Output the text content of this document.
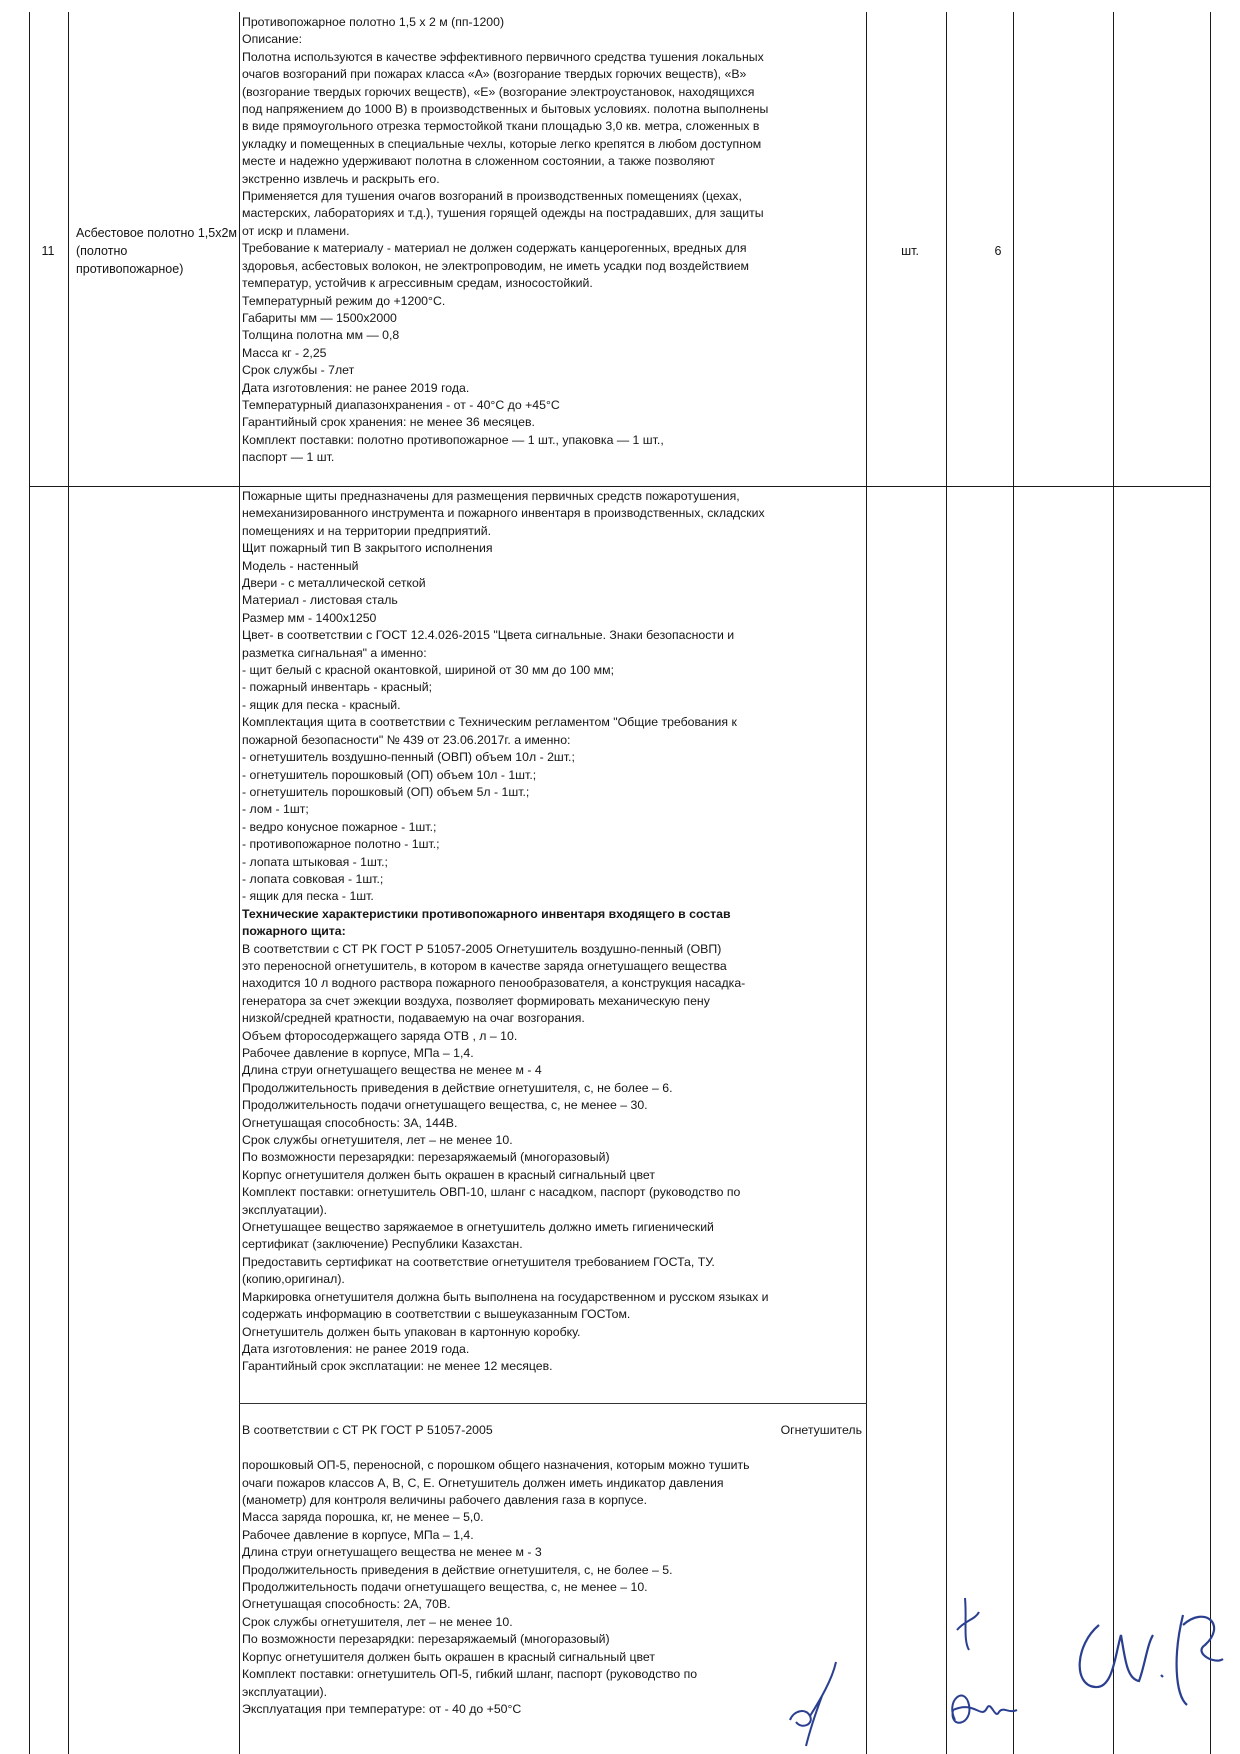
11
Асбестовое полотно 1,5х2м (полотно противопожарное)
шт.	6
Противопожарное полотно 1,5 х 2 м (пп-1200)
Описание:
Полотна используются в качестве эффективного первичного средства тушения локальных
очагов возгораний при пожарах класса «А» (возгорание твердых горючих веществ), «В»
(возгорание твердых горючих веществ), «Е» (возгорание электроустановок, находящихся
под напряжением до 1000 В) в производственных и бытовых условиях. полотна выполнены
в виде прямоугольного отрезка термостойкой ткани площадью 3,0 кв. метра, сложенных в
укладку и помещенных в специальные чехлы, которые легко крепятся в любом доступном
месте и надежно удерживают полотна в сложенном состоянии, а также позволяют
экстренно извлечь и раскрыть его.
Применяется для тушения очагов возгораний в производственных помещениях (цехах,
мастерских, лабораториях и т.д.), тушения горящей одежды на пострадавших, для защиты
от искр и пламени.
Требование к материалу - материал не должен содержать канцерогенных, вредных для
здоровья, асбестовых волокон, не электропроводим, не иметь усадки под воздействием
температур, устойчив к агрессивным средам, износостойкий.
Температурный режим до +1200°С.
Габариты мм — 1500х2000
Толщина полотна мм — 0,8
Масса кг - 2,25
Срок службы - 7лет
Дата изготовления: не ранее 2019 года.
Температурный диапазонхранения - от - 40°С до +45°С
Гарантийный срок хранения: не менее 36 месяцев.
Комплект поставки: полотно противопожарное — 1 шт., упаковка — 1 шт.,
паспорт — 1 шт.
Пожарные щиты предназначены для размещения первичных средств пожаротушения,
немеханизированного инструмента и пожарного инвентаря в производственных, складских
помещениях и на территории предприятий.
Щит пожарный тип В закрытого исполнения
Модель - настенный
Двери - с металлической сеткой
Материал - листовая сталь
Размер мм - 1400х1250
Цвет- в соответствии с ГОСТ 12.4.026-2015 "Цвета сигнальные. Знаки безопасности и
разметка сигнальная" а именно:
- щит белый с красной окантовкой, шириной от 30 мм до 100 мм;
- пожарный инвентарь - красный;
- ящик для песка - красный.
Комплектация щита в соответствии с Техническим регламентом "Общие требования к
пожарной безопасности" № 439 от 23.06.2017г. а именно:
- огнетушитель воздушно-пенный (ОВП) объем 10л - 2шт.;
- огнетушитель порошковый (ОП) объем 10л - 1шт.;
- огнетушитель порошковый (ОП) объем 5л - 1шт.;
- лом - 1шт;
- ведро конусное пожарное - 1шт.;
- противопожарное полотно - 1шт.;
- лопата штыковая - 1шт.;
- лопата совковая - 1шт.;
- ящик для песка - 1шт.
Технические характеристики противопожарного инвентаря входящего в состав
пожарного щита:
В соответствии с СТ РК ГОСТ Р 51057-2005 Огнетушитель воздушно-пенный (ОВП)
это переносной огнетушитель, в котором в качестве заряда огнетушащего вещества
находится 10 л водного раствора пожарного пенообразователя, а конструкция насадка-
генератора за счет эжекции воздуха, позволяет формировать механическую пену
низкой/средней кратности, подаваемую на очаг возгорания.
Объем фторосодержащего заряда ОТВ , л – 10.
Рабочее давление в корпусе, МПа – 1,4.
Длина струи огнетушащего вещества не менее м - 4
Продолжительность приведения в действие огнетушителя, с, не более – 6.
Продолжительность подачи огнетушащего вещества, с, не менее – 30.
Огнетушащая способность: 3А, 144В.
Срок службы огнетушителя, лет – не менее 10.
По возможности перезарядки: перезаряжаемый (многоразовый)
Корпус огнетушителя должен быть окрашен в красный сигнальный цвет
Комплект поставки: огнетушитель ОВП-10, шланг с насадком, паспорт (руководство по
эксплуатации).
Огнетушащее вещество заряжаемое в огнетушитель должно иметь гигиенический
сертификат (заключение) Республики Казахстан.
Предоставить сертификат на соответствие огнетушителя требованием ГОСТа, ТУ.
(копию,оригинал).
Маркировка огнетушителя должна быть выполнена на государственном и русском языках и
содержать информацию в соответствии с вышеуказанным ГОСТом.
Огнетушитель должен быть упакован в картонную коробку.
Дата изготовления: не ранее 2019 года.
Гарантийный срок эксплатации: не менее 12 месяцев.

В соответствии с СТ РК ГОСТ Р 51057-2005	Огнетушитель

порошковый ОП-5, переносной, с порошком общего назначения, которым можно тушить
очаги пожаров классов А, В, С, Е. Огнетушитель должен иметь индикатор давления
(манометр) для контроля величины рабочего давления газа в корпусе.
Масса заряда порошка, кг, не менее – 5,0.
Рабочее давление в корпусе, МПа – 1,4.
Длина струи огнетушащего вещества не менее м - 3
Продолжительность приведения в действие огнетушителя, с, не более – 5.
Продолжительность подачи огнетушащего вещества, с, не менее – 10.
Огнетушащая способность: 2А, 70В.
Срок службы огнетушителя, лет – не менее 10.
По возможности перезарядки: перезаряжаемый (многоразовый)
Корпус огнетушителя должен быть окрашен в красный сигнальный цвет
Комплект поставки: огнетушитель ОП-5, гибкий шланг, паспорт (руководство по
эксплуатации).
Эксплуатация при температуре: от - 40 до +50°С
